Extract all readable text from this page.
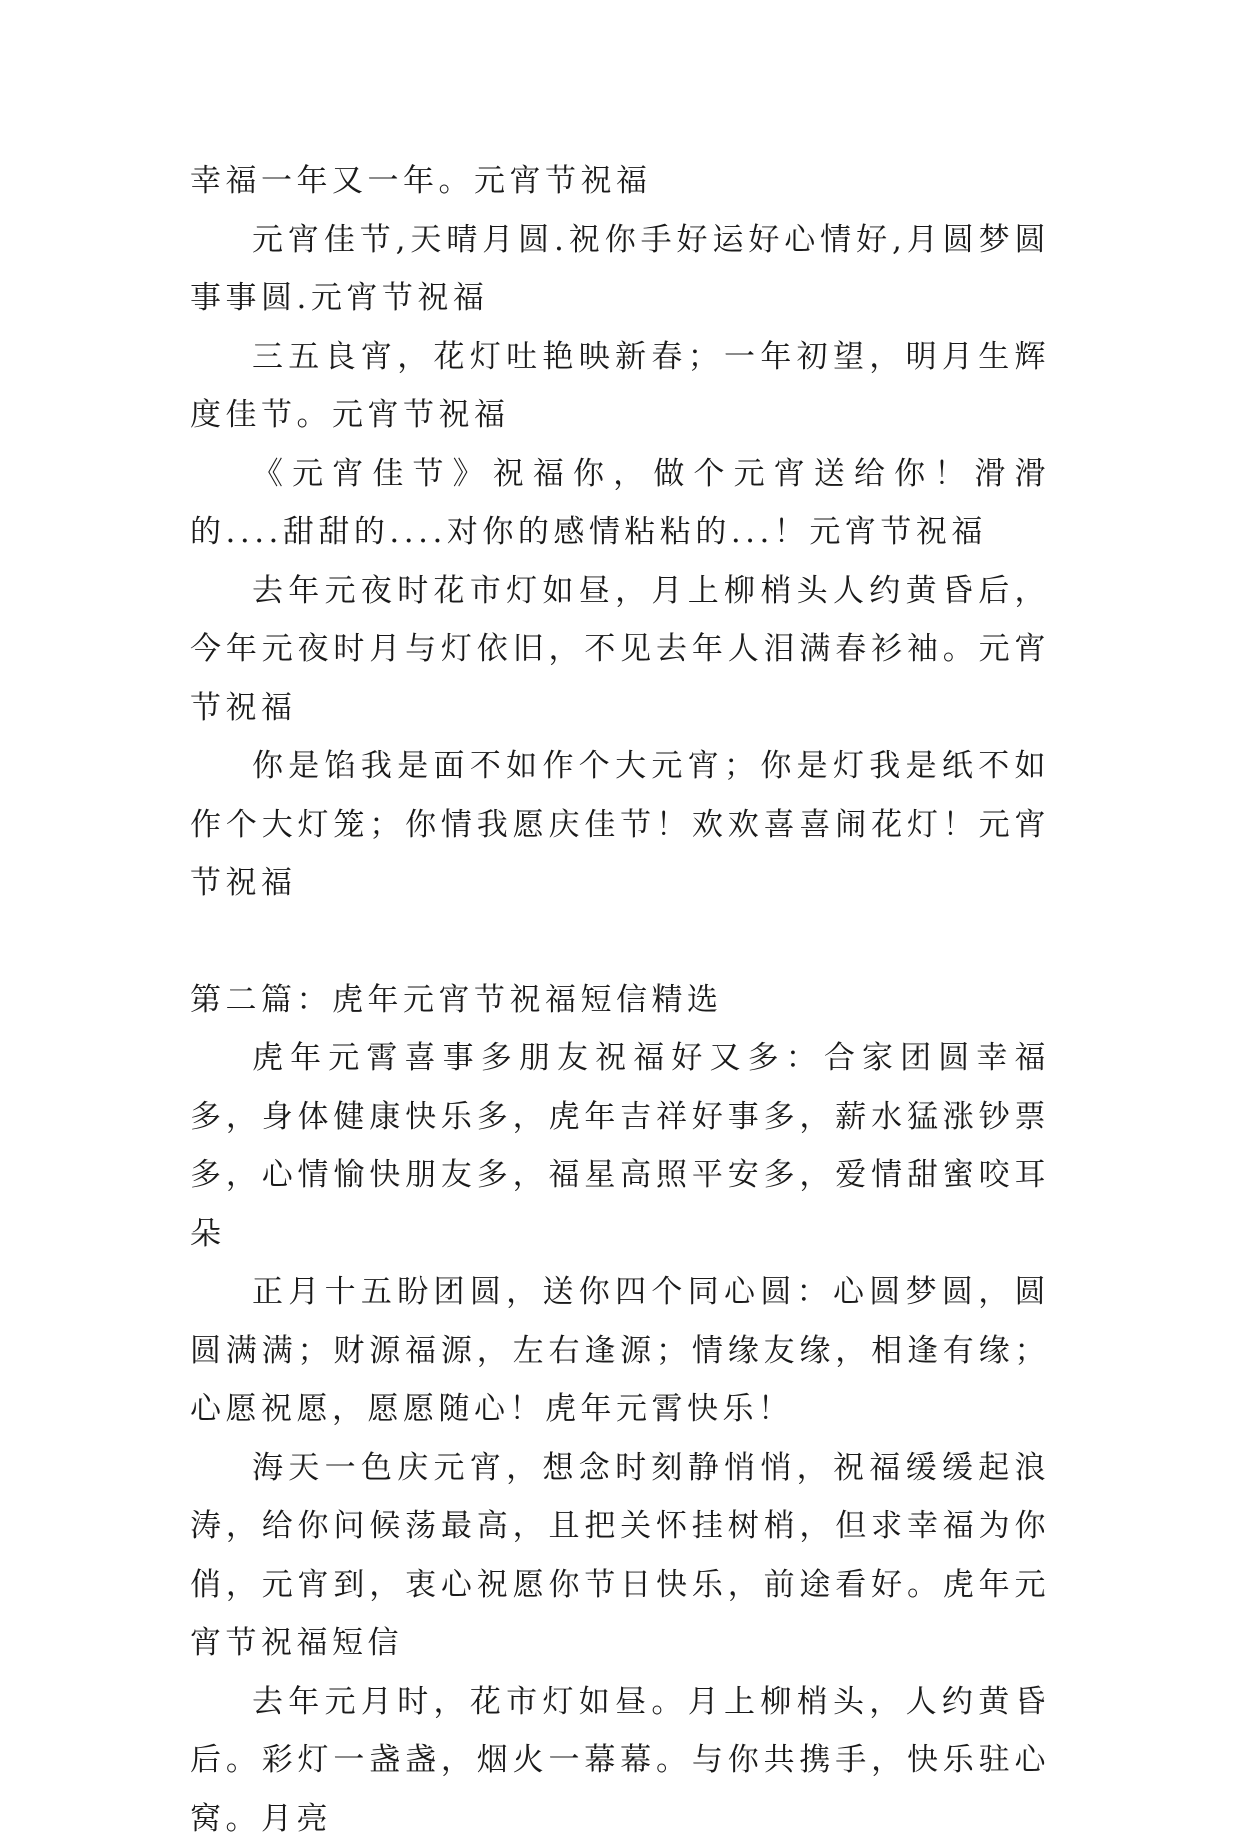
幸福一年又一年。元宵节祝福

元宵佳节,天晴月圆.祝你手好运好心情好,月圆梦圆事事圆.元宵节祝福

三五良宵，花灯吐艳映新春；一年初望，明月生辉度佳节。元宵节祝福

《元宵佳节》祝福你，做个元宵送给你！滑滑的....甜甜的....对你的感情粘粘的...！元宵节祝福

去年元夜时花市灯如昼，月上柳梢头人约黄昏后，今年元夜时月与灯依旧，不见去年人泪满春衫袖。元宵节祝福

你是馅我是面不如作个大元宵；你是灯我是纸不如作个大灯笼；你情我愿庆佳节！欢欢喜喜闹花灯！元宵节祝福

第二篇：虎年元宵节祝福短信精选

虎年元霄喜事多朋友祝福好又多：合家团圆幸福多，身体健康快乐多，虎年吉祥好事多，薪水猛涨钞票多，心情愉快朋友多，福星高照平安多，爱情甜蜜咬耳朵

正月十五盼团圆，送你四个同心圆：心圆梦圆，圆圆满满；财源福源，左右逢源；情缘友缘，相逢有缘；心愿祝愿，愿愿随心！虎年元霄快乐！

海天一色庆元宵，想念时刻静悄悄，祝福缓缓起浪涛，给你问候荡最高，且把关怀挂树梢，但求幸福为你俏，元宵到，衷心祝愿你节日快乐，前途看好。虎年元宵节祝福短信

去年元月时，花市灯如昼。月上柳梢头，人约黄昏后。彩灯一盏盏，烟火一幕幕。与你共携手，快乐驻心窝。月亮
